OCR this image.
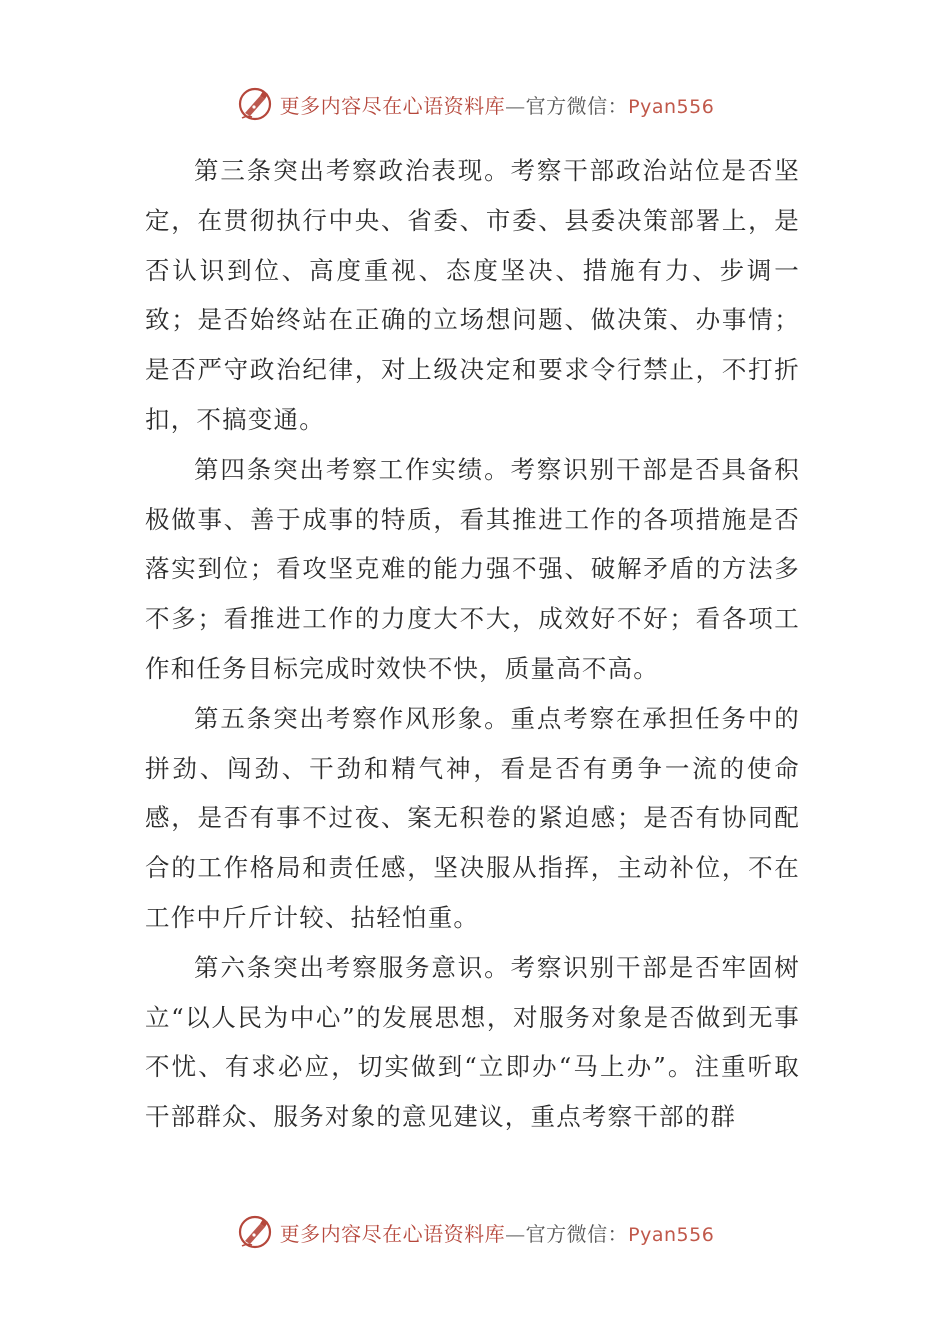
更多内容尽在心语资料库—官方微信：Pyan556

第三条突出考察政治表现。考察干部政治站位是否坚定，在贯彻执行中央、省委、市委、县委决策部署上，是否认识到位、高度重视、态度坚决、措施有力、步调一致；是否始终站在正确的立场想问题、做决策、办事情；是否严守政治纪律，对上级决定和要求令行禁止，不打折扣，不搞变通。

第四条突出考察工作实绩。考察识别干部是否具备积极做事、善于成事的特质，看其推进工作的各项措施是否落实到位；看攻坚克难的能力强不强、破解矛盾的方法多不多；看推进工作的力度大不大，成效好不好；看各项工作和任务目标完成时效快不快，质量高不高。

第五条突出考察作风形象。重点考察在承担任务中的拼劲、闯劲、干劲和精气神，看是否有勇争一流的使命感，是否有事不过夜、案无积卷的紧迫感；是否有协同配合的工作格局和责任感，坚决服从指挥，主动补位，不在工作中斤斤计较、拈轻怕重。

第六条突出考察服务意识。考察识别干部是否牢固树立“以人民为中心”的发展思想，对服务对象是否做到无事不忧、有求必应，切实做到“立即办“马上办”。注重听取干部群众、服务对象的意见建议，重点考察干部的群

更多内容尽在心语资料库—官方微信：Pyan556
